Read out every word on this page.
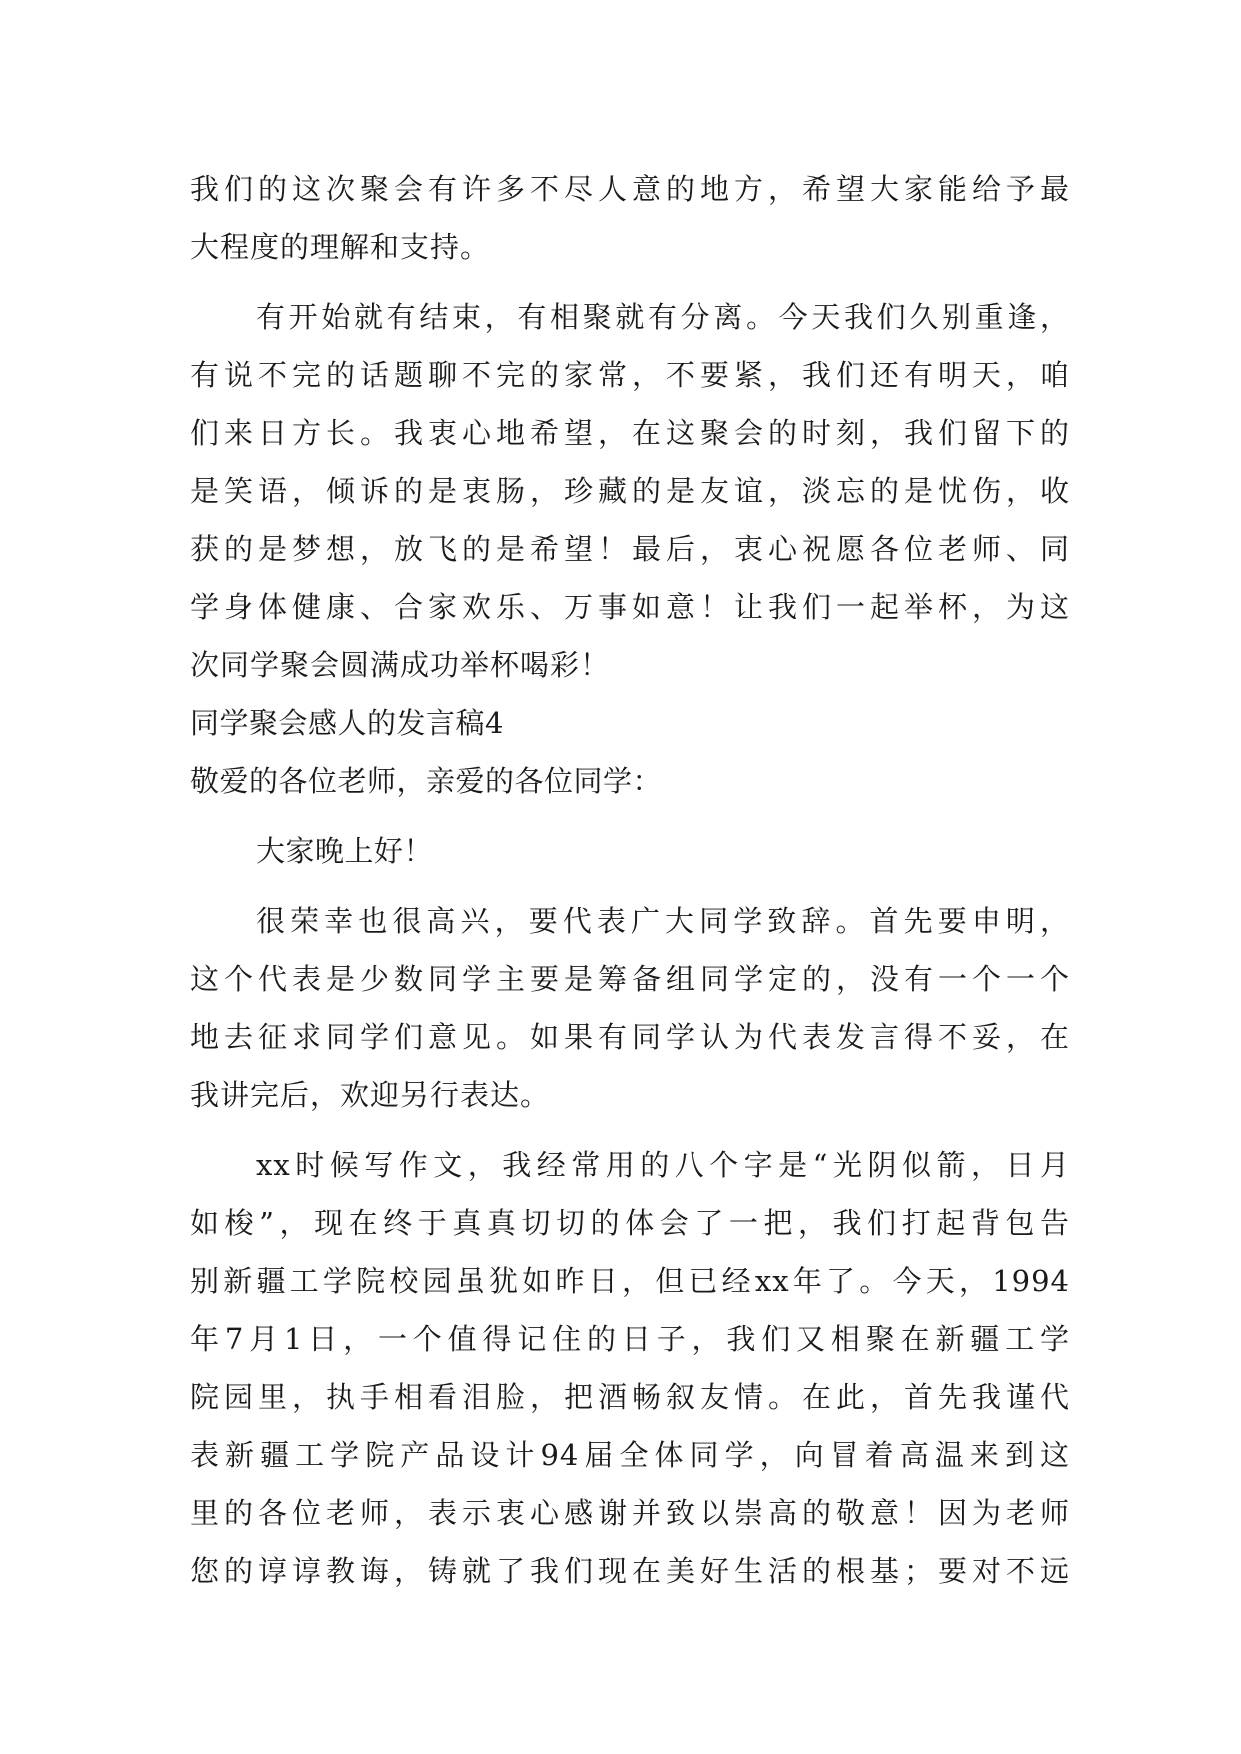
我们的这次聚会有许多不尽人意的地方，希望大家能给予最
大程度的理解和支持。
有开始就有结束，有相聚就有分离。今天我们久别重逢，
有说不完的话题聊不完的家常，不要紧，我们还有明天，咱
们来日方长。我衷心地希望，在这聚会的时刻，我们留下的
是笑语，倾诉的是衷肠，珍藏的是友谊，淡忘的是忧伤，收
获的是梦想，放飞的是希望！最后，衷心祝愿各位老师、同
学身体健康、合家欢乐、万事如意！让我们一起举杯，为这
次同学聚会圆满成功举杯喝彩！
同学聚会感人的发言稿4
敬爱的各位老师，亲爱的各位同学：
大家晚上好！
很荣幸也很高兴，要代表广大同学致辞。首先要申明，
这个代表是少数同学主要是筹备组同学定的，没有一个一个
地去征求同学们意见。如果有同学认为代表发言得不妥，在
我讲完后，欢迎另行表达。
xx时候写作文，我经常用的八个字是“光阴似箭，日月
如梭”，现在终于真真切切的体会了一把，我们打起背包告
别新疆工学院校园虽犹如昨日，但已经xx年了。今天，1994
年7月1日，一个值得记住的日子，我们又相聚在新疆工学
院园里，执手相看泪脸，把酒畅叙友情。在此，首先我谨代
表新疆工学院产品设计94届全体同学，向冒着高温来到这
里的各位老师，表示衷心感谢并致以崇高的敬意！因为老师
您的谆谆教诲，铸就了我们现在美好生活的根基；要对不远
